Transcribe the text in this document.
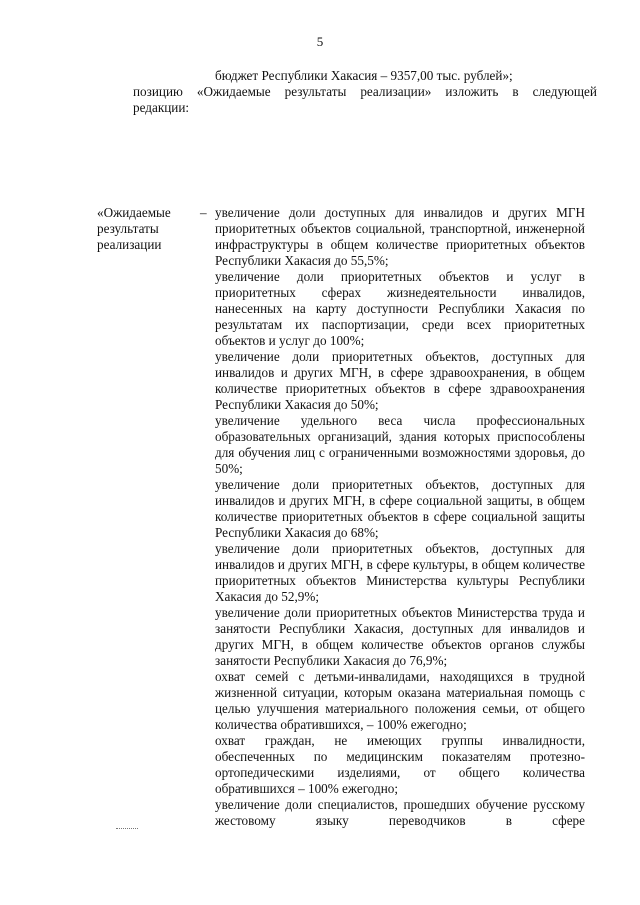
5
бюджет Республики Хакасия – 9357,00 тыс. рублей»;
позицию «Ожидаемые результаты реализации» изложить в следующей
редакции:
«Ожидаемые результаты реализации
– увеличение доли доступных для инвалидов и других МГН приоритетных объектов социальной, транспортной, инженерной инфраструктуры в общем количестве приоритетных объектов Республики Хакасия до 55,5%;

увеличение доли приоритетных объектов и услуг в приоритетных сферах жизнедеятельности инвалидов, нанесенных на карту доступности Республики Хакасия по результатам их паспортизации, среди всех приоритетных объектов и услуг до 100%;

увеличение доли приоритетных объектов, доступных для инвалидов и других МГН, в сфере здравоохранения, в общем количестве приоритетных объектов в сфере здравоохранения Республики Хакасия до 50%;

увеличение удельного веса числа профессиональных образовательных организаций, здания которых приспособлены для обучения лиц с ограниченными возможностями здоровья, до 50%;

увеличение доли приоритетных объектов, доступных для инвалидов и других МГН, в сфере социальной защиты, в общем количестве приоритетных объектов в сфере социальной защиты Республики Хакасия до 68%;

увеличение доли приоритетных объектов, доступных для инвалидов и других МГН, в сфере культуры, в общем количестве приоритетных объектов Министерства культуры Республики Хакасия до 52,9%;

увеличение доли приоритетных объектов Министерства труда и занятости Республики Хакасия, доступных для инвалидов и других МГН, в общем количестве объектов органов службы занятости Республики Хакасия до 76,9%;

охват семей с детьми-инвалидами, находящихся в трудной жизненной ситуации, которым оказана материальная помощь с целью улучшения материального положения семьи, от общего количества обратившихся, – 100% ежегодно;

охват граждан, не имеющих группы инвалидности, обеспеченных по медицинским показателям протезно-ортопедическими изделиями, от общего количества обратившихся – 100% ежегодно;

увеличение доли специалистов, прошедших обучение русскому жестовому языку переводчиков в сфере
